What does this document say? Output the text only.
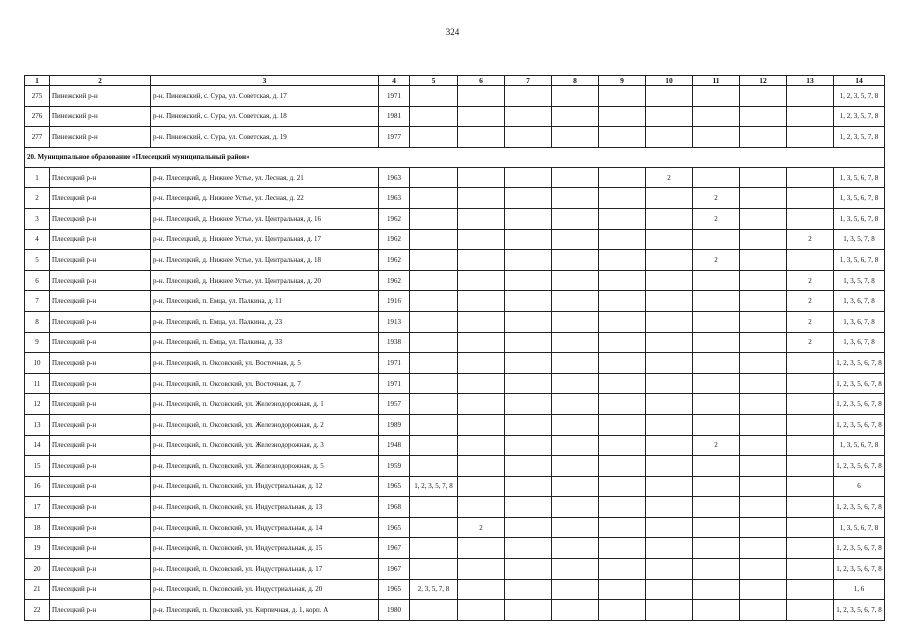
324
1	2	3	4	5	6	7	8	9	10	11	12	13	14
275	Пинежский р-н	р-н. Пинежский, с. Сура, ул. Советская, д. 17	1971										1, 2, 3, 5, 7, 8
276	Пинежский р-н	р-н. Пинежский, с. Сура, ул. Советская, д. 18	1981										1, 2, 3, 5, 7, 8
277	Пинежский р-н	р-н. Пинежский, с. Сура, ул. Советская, д. 19	1977										1, 2, 3, 5, 7, 8
20. Муниципальное образование «Плесецкий муниципальный район»													
1	Плесецкий р-н	р-н. Плесецкий, д. Нижнее Устье, ул. Лесная, д. 21	1963						2				1, 3, 5, 6, 7, 8
2	Плесецкий р-н	р-н. Плесецкий, д. Нижнее Устье, ул. Лесная, д. 22	1963							2			1, 3, 5, 6, 7, 8
3	Плесецкий р-н	р-н. Плесецкий, д. Нижнее Устье, ул. Центральная, д. 16	1962							2			1, 3, 5, 6, 7, 8
4	Плесецкий р-н	р-н. Плесецкий, д. Нижнее Устье, ул. Центральная, д. 17	1962									2	1, 3, 5, 7, 8
5	Плесецкий р-н	р-н. Плесецкий, д. Нижнее Устье, ул. Центральная, д. 18	1962							2			1, 3, 5, 6, 7, 8
6	Плесецкий р-н	р-н. Плесецкий, д. Нижнее Устье, ул. Центральная, д. 20	1962									2	1, 3, 5, 7, 8
7	Плесецкий р-н	р-н. Плесецкий, п. Емца, ул. Палкина, д. 11	1916									2	1, 3, 6, 7, 8
8	Плесецкий р-н	р-н. Плесецкий, п. Емца, ул. Палкина, д. 23	1913									2	1, 3, 6, 7, 8
9	Плесецкий р-н	р-н. Плесецкий, п. Емца, ул. Палкина, д. 33	1938									2	1, 3, 6, 7, 8
10	Плесецкий р-н	р-н. Плесецкий, п. Оксовский, ул. Восточная, д. 5	1971										1, 2, 3, 5, 6, 7, 8
11	Плесецкий р-н	р-н. Плесецкий, п. Оксовский, ул. Восточная, д. 7	1971										1, 2, 3, 5, 6, 7, 8
12	Плесецкий р-н	р-н. Плесецкий, п. Оксовский, ул. Железнодорожная, д. 1	1957										1, 2, 3, 5, 6, 7, 8
13	Плесецкий р-н	р-н. Плесецкий, п. Оксовский, ул. Железнодорожная, д. 2	1989										1, 2, 3, 5, 6, 7, 8
14	Плесецкий р-н	р-н. Плесецкий, п. Оксовский, ул. Железнодорожная, д. 3	1948							2			1, 3, 5, 6, 7, 8
15	Плесецкий р-н	р-н. Плесецкий, п. Оксовский, ул. Железнодорожная, д. 5	1959										1, 2, 3, 5, 6, 7, 8
16	Плесецкий р-н	р-н. Плесецкий, п. Оксовский, ул. Индустриальная, д. 12	1965	1, 2, 3, 5, 7, 8									6
17	Плесецкий р-н	р-н. Плесецкий, п. Оксовский, ул. Индустриальная, д. 13	1968										1, 2, 3, 5, 6, 7, 8
18	Плесецкий р-н	р-н. Плесецкий, п. Оксовский, ул. Индустриальная, д. 14	1965		2								1, 3, 5, 6, 7, 8
19	Плесецкий р-н	р-н. Плесецкий, п. Оксовский, ул. Индустриальная, д. 15	1967										1, 2, 3, 5, 6, 7, 8
20	Плесецкий р-н	р-н. Плесецкий, п. Оксовский, ул. Индустриальная, д. 17	1967										1, 2, 3, 5, 6, 7, 8
21	Плесецкий р-н	р-н. Плесецкий, п. Оксовский, ул. Индустриальная, д. 20	1965	2, 3, 5, 7, 8									1, 6
22	Плесецкий р-н	р-н. Плесецкий, п. Оксовский, ул. Кирпичная, д. 1, корп. А	1980										1, 2, 3, 5, 6, 7, 8
